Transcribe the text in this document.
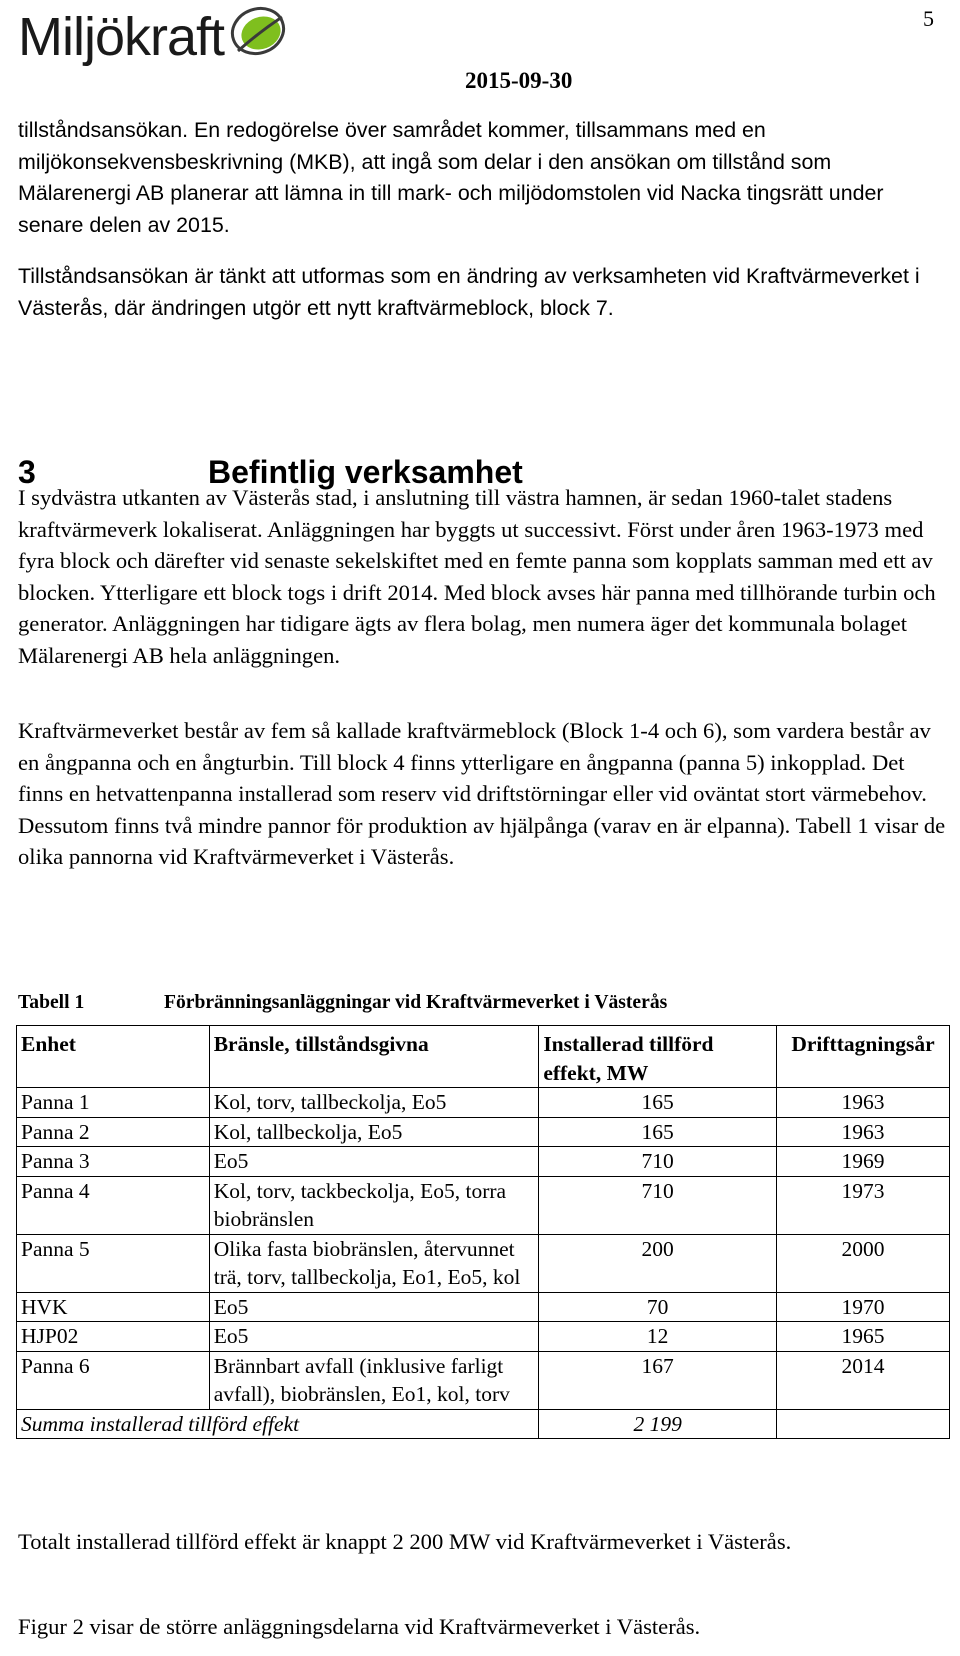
Miljökraft	5
2015-09-30

tillståndsansökan. En redogörelse över samrådet kommer, tillsammans med en miljökonsekvensbeskrivning (MKB), att ingå som delar i den ansökan om tillstånd som Mälarenergi AB planerar att lämna in till mark- och miljödomstolen vid Nacka tingsrätt under senare delen av 2015.

Tillståndsansökan är tänkt att utformas som en ändring av verksamheten vid Kraftvärmeverket i Västerås, där ändringen utgör ett nytt kraftvärmeblock, block 7.

3	Befintlig verksamhet

I sydvästra utkanten av Västerås stad, i anslutning till västra hamnen, är sedan 1960-talet stadens kraftvärmeverk lokaliserat. Anläggningen har byggts ut successivt. Först under åren 1963-1973 med fyra block och därefter vid senaste sekelskiftet med en femte panna som kopplats samman med ett av blocken. Ytterligare ett block togs i drift 2014. Med block avses här panna med tillhörande turbin och generator. Anläggningen har tidigare ägts av flera bolag, men numera äger det kommunala bolaget Mälarenergi AB hela anläggningen.

Kraftvärmeverket består av fem så kallade kraftvärmeblock (Block 1-4 och 6), som vardera består av en ångpanna och en ångturbin. Till block 4 finns ytterligare en ångpanna (panna 5) inkopplad. Det finns en hetvattenpanna installerad som reserv vid driftstörningar eller vid oväntat stort värmebehov. Dessutom finns två mindre pannor för produktion av hjälpånga (varav en är elpanna). Tabell 1 visar de olika pannorna vid Kraftvärmeverket i Västerås.

Tabell 1	Förbränningsanläggningar vid Kraftvärmeverket i Västerås
Enhet	Bränsle, tillståndsgivna	Installerad tillförd effekt, MW	Drifttagningsår
Panna 1	Kol, torv, tallbeckolja, Eo5	165	1963
Panna 2	Kol, tallbeckolja, Eo5	165	1963
Panna 3	Eo5	710	1969
Panna 4	Kol, torv, tackbeckolja, Eo5, torra biobränslen	710	1973
Panna 5	Olika fasta biobränslen, återvunnet trä, torv, tallbeckolja, Eo1, Eo5, kol	200	2000
HVK	Eo5	70	1970
HJP02	Eo5	12	1965
Panna 6	Brännbart avfall (inklusive farligt avfall), biobränslen, Eo1, kol, torv	167	2014
Summa installerad tillförd effekt		2 199	

Totalt installerad tillförd effekt är knappt 2 200 MW vid Kraftvärmeverket i Västerås.

Figur 2 visar de större anläggningsdelarna vid Kraftvärmeverket i Västerås.
